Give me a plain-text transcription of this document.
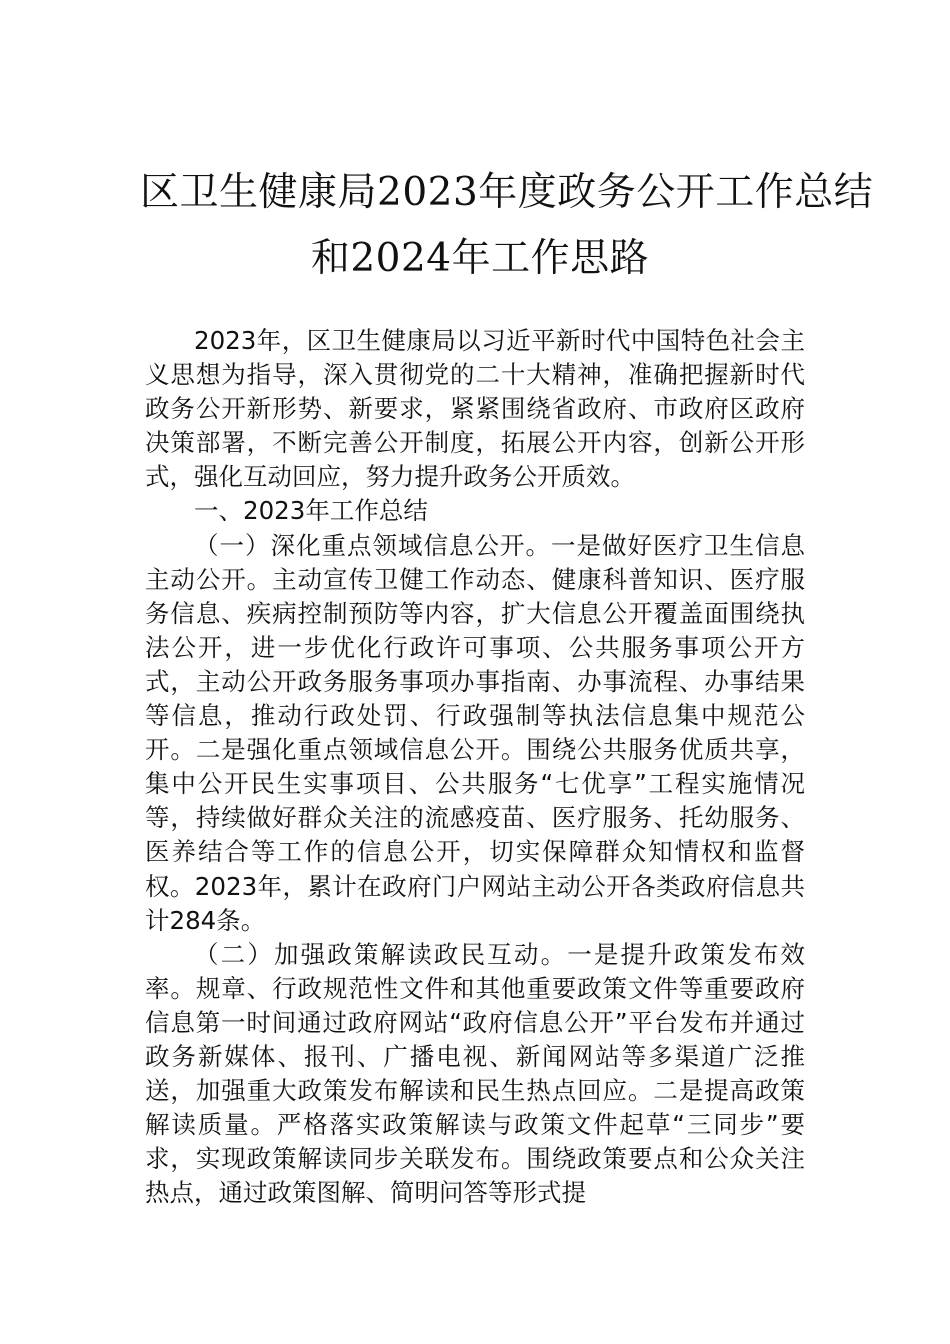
区卫生健康局2023年度政务公开工作总结
和2024年工作思路

2023年，区卫生健康局以习近平新时代中国特色社会主义思想为指导，深入贯彻党的二十大精神，准确把握新时代政务公开新形势、新要求，紧紧围绕省政府、市政府区政府决策部署，不断完善公开制度，拓展公开内容，创新公开形式，强化互动回应，努力提升政务公开质效。

一、2023年工作总结

（一）深化重点领域信息公开。一是做好医疗卫生信息主动公开。主动宣传卫健工作动态、健康科普知识、医疗服务信息、疾病控制预防等内容，扩大信息公开覆盖面围绕执法公开，进一步优化行政许可事项、公共服务事项公开方式，主动公开政务服务事项办事指南、办事流程、办事结果等信息，推动行政处罚、行政强制等执法信息集中规范公开。二是强化重点领域信息公开。围绕公共服务优质共享，集中公开民生实事项目、公共服务“七优享”工程实施情况等，持续做好群众关注的流感疫苗、医疗服务、托幼服务、医养结合等工作的信息公开，切实保障群众知情权和监督权。2023年，累计在政府门户网站主动公开各类政府信息共计284条。

（二）加强政策解读政民互动。一是提升政策发布效率。规章、行政规范性文件和其他重要政策文件等重要政府信息第一时间通过政府网站“政府信息公开”平台发布并通过政务新媒体、报刊、广播电视、新闻网站等多渠道广泛推送，加强重大政策发布解读和民生热点回应。二是提高政策解读质量。严格落实政策解读与政策文件起草“三同步”要求，实现政策解读同步关联发布。围绕政策要点和公众关注热点，通过政策图解、简明问答等形式提
